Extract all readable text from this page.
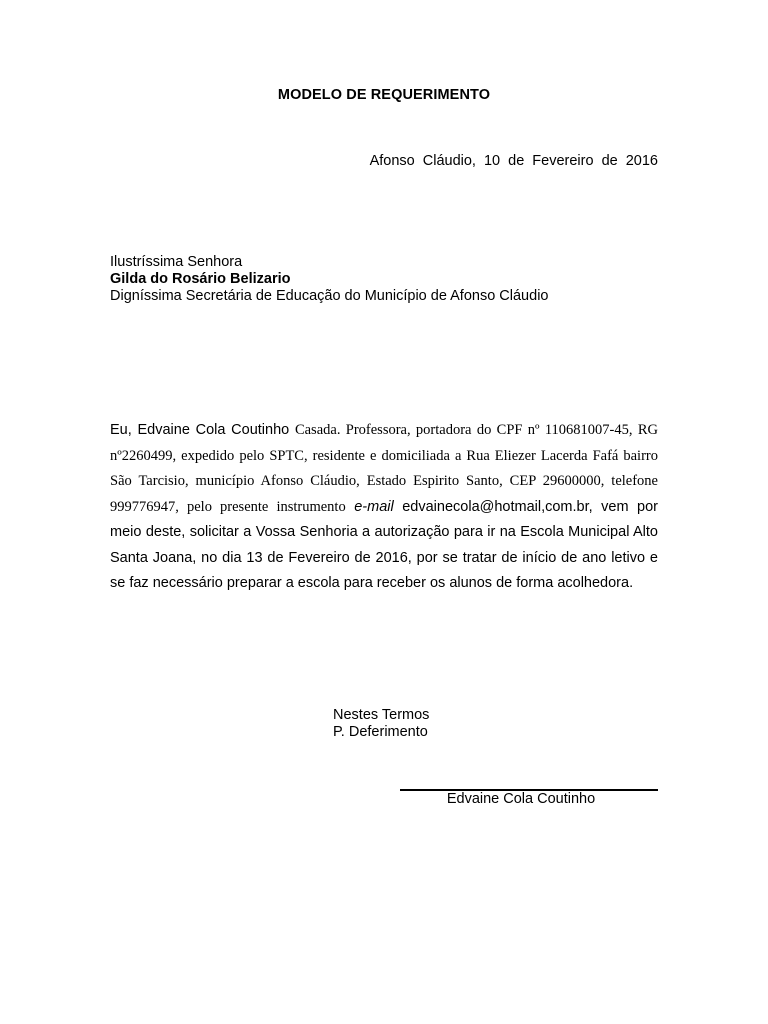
MODELO DE REQUERIMENTO
Afonso Cláudio, 10 de Fevereiro de 2016
Ilustríssima Senhora
Gilda do Rosário Belizario
Digníssima Secretária de Educação do Município de Afonso Cláudio
Eu, Edvaine Cola Coutinho Casada. Professora, portadora do CPF nº 110681007-45, RG nº2260499, expedido pelo SPTC, residente e domiciliada a Rua Eliezer Lacerda Fafá bairro São Tarcisio, município Afonso Cláudio, Estado Espirito Santo, CEP 29600000, telefone 999776947, pelo presente instrumento e-mail edvainecola@hotmail,com.br, vem por meio deste, solicitar a Vossa Senhoria a autorização para ir na Escola Municipal Alto Santa Joana, no dia 13 de Fevereiro de 2016, por se tratar de início de ano letivo e se faz necessário preparar a escola para receber os alunos de forma acolhedora.
Nestes Termos
P. Deferimento
Edvaine Cola Coutinho
